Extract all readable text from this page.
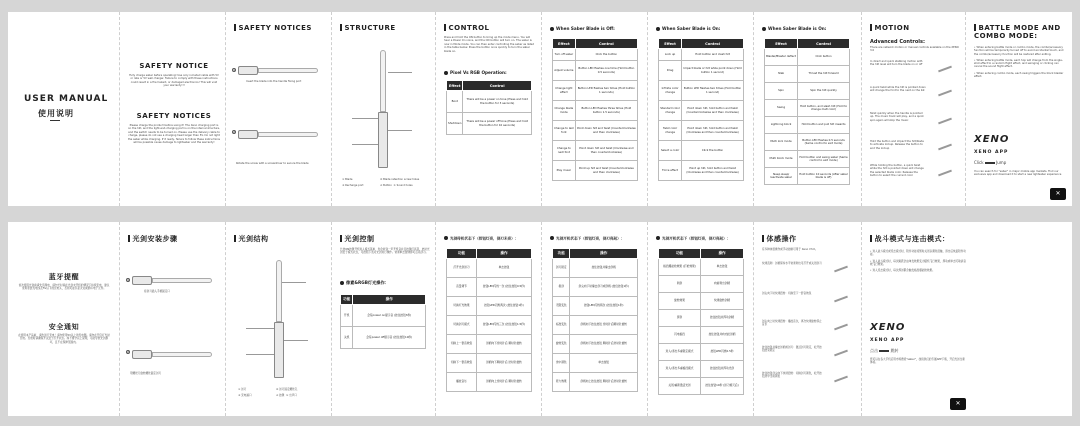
USER MANUAL
使用说明
SAFETY NOTICE
Fully charge saber before operating! Use only included cable with 5V or rate or 5V wall charger. Failure to comply with these instructions could result in a fire hazard, or damaged electronics! This will void your warranty!!!
SAFETY NOTICES
Please charge the product before using it! The Xeno charging port is on the hilt, and the light-and-charging port is on the internal structure, and the switch needs to be turned on. Please use the delivery cable to charge, please do not use a charging head larger than 5V. Do not light the saber while charging. If it ready, failure to follow these instructions will be possible cause damage to lightsaber and the warranty!
SAFETY NOTICES
1
Insert the blade into the handle fixing port
2
Rotate the screw with a screwdriver to secure the blade
STRUCTURE
① Blade
③ Recharge port
② Blade retention screw holes
④ Button  ⑤ Sound holes
CONTROL
Press and hold the ON button to bring up the mode menu. You will hear a Power On voice, and the OD button will turn on. The saber is now in Mode mode. You can then enter controlling the saber as listed in the table below. Press the button once quickly to turn the saber blade on.
Pixel Vs RGB Operation:
Effect	Control
Boot	There will be a power on tone (Press and hold the button for 3 seconds)
Shutdown	There will be a power off tone (Press and hold the button for 10 seconds)
When Saber Blade is Off:
Effect	Control
Turn off saber	Click the button
Adjust volume	Button LED flashes one time (Hold button 0.5 seconds)
Change light effect	Button LED flashes two times (Hold button 1 seconds)
Change blade mode	Button LED flashes three times (Hold button 1.5 seconds)
Change to last font	Point down hilt and twist (Counterclockwise and then clockwise)
Change to next font	Point down hilt and twist (Clockwise and then counterclockwise)
Play music	Point up hilt and twist (Counterclockwise and then clockwise)
When Saber Blade is On:
Effect	Control
Lock up	Hold button and clash hilt
Drag	Impact blade or hilt while point down (Hold button 1 second)
Infinite color change	Button LED flashes two times (Hold button 1 second)
Standard color change	Point down hilt, hold button and twist (Counterclockwise and then clockwise)
Twist color change	Point down hilt, hold button and twist (Clockwise and then counterclockwise)
Select a color	Click the button
Force effect	Point up hilt, hold button and twist (Clockwise and then counterclockwise)
When Saber Blade is On:
Effect	Control
Blaster/Blaster deflect	Click button
Stab	Thrust the hilt forward
Spin	Spin the hilt quickly
Swing	Hold button, and slash hilt (Hold to change melt color)
Lightning block	Hold button and pull hilt inwards
Multi lock mode	Button LED flashes 0.5 seconds (Same control to exit mode)
Multi block mode	Hold button and swing saber (Same control to exit mode)
Sleep sleep/ reactivate saber	Hold button 10 seconds (After saber blade is off)
MOTION
Advanced Controls:
There are network motion or manual controls available on the XENO 3.0
In direct and quick stabbing motion with the hilt level will turn the blade on or off
A quick twist while the hilt is pointed down will change the font to the next on the list
Twist quickly when the handle is pointed up. The music track will play, and a quick spin again will stop the music
Hold the button and impact the hilt/blade to activate lockup. Release the button to end the lockup
While holding the button, a quick twist while the hilt is pointed down will change the selected blade color. Release the button to select the current color
BATTLE MODE AND COMBO MODE:
• When entering battle mode or combo mode, the combo/accessory function will be temporarily turned off to avoid accidental touch, and the combo/accessory function will be restored after exiting.
• When entering battle mode, each hop will change from the single-shot effect to a random flight effect, and swinging or clicking can cancel the sound flight effect.
• When entering combo mode, each swing triggers the block blaster effect.
XENO
XENO APP
Click	Jump
You can search for "saber" in major mobile app markets. Find our exclusive app and download it to start a new lightsaber experience
✕
蓝牙提醒
首次使用光剑前请先充满电，请勿长时间在光剑未开机的情况下持续充电，建议使用原装充电线及5V以下的充电头，否则可能引起火灾或损坏电子元件。
安全通知
在使用本产品前，请先进行充电！请勿使用5V以上的充电器。请勿在开启灯光时充电。充电时请确保开关处于打开状态。如不遵守以上说明，可能导致光剑损坏，且不在保修范围内。
光剑安装步骤
1
将剑刃插入手柄固定口
2
用螺丝刀旋转螺丝固定剑刃
光剑结构
① 剑刃
③ 充电端口
② 剑刃固定螺丝孔
④ 按键  ⑤ 出声口
光剑控制
长按ON按键开机进入模式菜单，你会听到一声开机音并且按键灯亮起，此时光剑处于模式状态，可按照下表对光剑进行操作。快速单击按键即可点亮剑刃。
像素&RGB灯光操作：
功能	操作
开机	会有power on提示音 (按住按钮3秒)
关机	会有power off提示音 (按住按钮10秒)
光剑待机状态下（按钮灯亮，剑刃未亮）：
功能	操作
打开光剑剑刃	单击按钮
音量调节	按钮LED闪烁一次 (按住按钮0.5秒)
切换灯光效果	按钮LED闪烁两次 (按住按钮1秒)
切换剑刃模式	按钮LED闪烁三次 (按住按钮1.5秒)
切换上一套音效包	剑柄向下逆时针后 顺时针旋转
切换下一套音效包	剑柄向下顺时针后 逆时针旋转
播放音乐	剑柄向上逆时针后 顺时针旋转
光剑开机状态下（按钮灯亮，剑刃亮起）：
功能	操作
剑刃锁定	按住按钮并撞击剑柄
拖剑	剑尖向下时撞击剑刃或剑柄 (按住按钮1秒)
无限变色	按钮LED闪烁两次 (按住按钮1秒)
标准变色	剑柄向下按住按钮 逆时针后顺时针旋转
旋转变色	剑柄向下按住按钮 顺时针后逆时针旋转
选中颜色	单击按钮
原力效果	剑柄向上按住按钮 顺时针后逆时针旋转
光剑开机状态下（按钮灯亮，剑刃亮起）：
功能	操作
格挡爆能枪效果 (打枪效果)	单击按钮
刺剑	向前刺出剑柄
旋转效果	快速旋转剑柄
挥剑	按住按钮并挥动剑柄
闪电格挡	按住按钮并向内拉剑柄
进入/退出多重锁定模式	按钮LED闪烁0.5秒
进入/退出多重格挡模式	按住按钮并挥动光剑
关闭/重新激活光剑	按住按钮10秒 (剑刃熄灭后)
体感操作
有多种体感操作或手动控制可用于 Xeno V3.0。
快速直刺：剑柄保持水平快速刺出可打开或关闭剑刃
剑尖向下时快速扭转：切换至下一套音效包
剑尖向上时快速扭转：播放音乐，再次快速旋转停止音乐
按住按钮并撞击剑柄或剑刃：激活剑刃锁定，松开按钮结束锁定
按住按钮剑尖向下快速扭转：切换剑刃颜色，松开按钮选中当前颜色
战斗模式与连击模式：
• 进入战斗模式或连击模式时，附件功能将暂时关闭以避免误触，退出后恢复附件功能。
• 进入战斗模式时，每次跳跃会由单发效果变为随机飞行效果，挥动或单击可取消音效飞行效果。
• 进入连击模式时，每次挥剑都会触发格挡爆能枪效果。
XENO
XENO APP
点击	跳转
您可以在各大手机应用市场搜索"saber"，找到我们的专属APP下载，开启光剑全新体验。
✕
